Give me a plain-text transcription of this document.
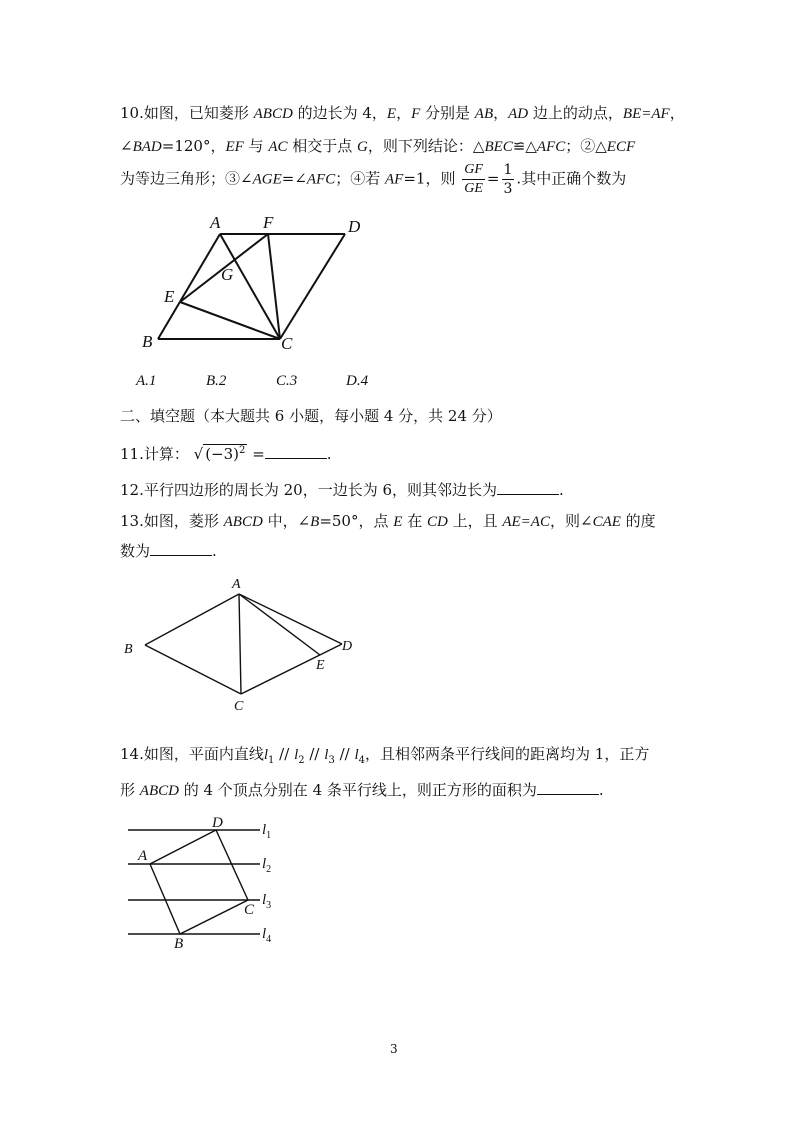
10.如图，已知菱形 ABCD 的边长为 4，E，F 分别是 AB，AD 边上的动点，BE=AF，
∠BAD=120°，EF 与 AC 相交于点 G，则下列结论：△BEC≌△AFC；②△ECF
为等边三角形；③∠AGE=∠AFC；④若 AF=1，则 $\frac{GF}{GE} = \frac{1}{3}$ .其中正确个数为
A	F	D
G
E
B	C
A.1	B.2	C.3	D.4
二、填空题（本大题共 6 小题，每小题 4 分，共 24 分）
11.计算： √ $(-3)^2$ =	.
12.平行四边形的周长为 20，一边长为 6，则其邻边长为	.
13.如图，菱形 ABCD 中，∠B=50°，点 E 在 CD 上，且 AE=AC，则∠CAE 的度
数为	.
A
B
C
D
E
14.如图，平面内直线$l_1 // l_2 // l_3 // l_4$，且相邻两条平行线间的距离均为 1，正方
形 ABCD 的 4 个顶点分别在 4 条平行线上，则正方形的面积为	.
D
A
C
B
$l_1$
$l_2$
$l_3$
$l_4$
3
